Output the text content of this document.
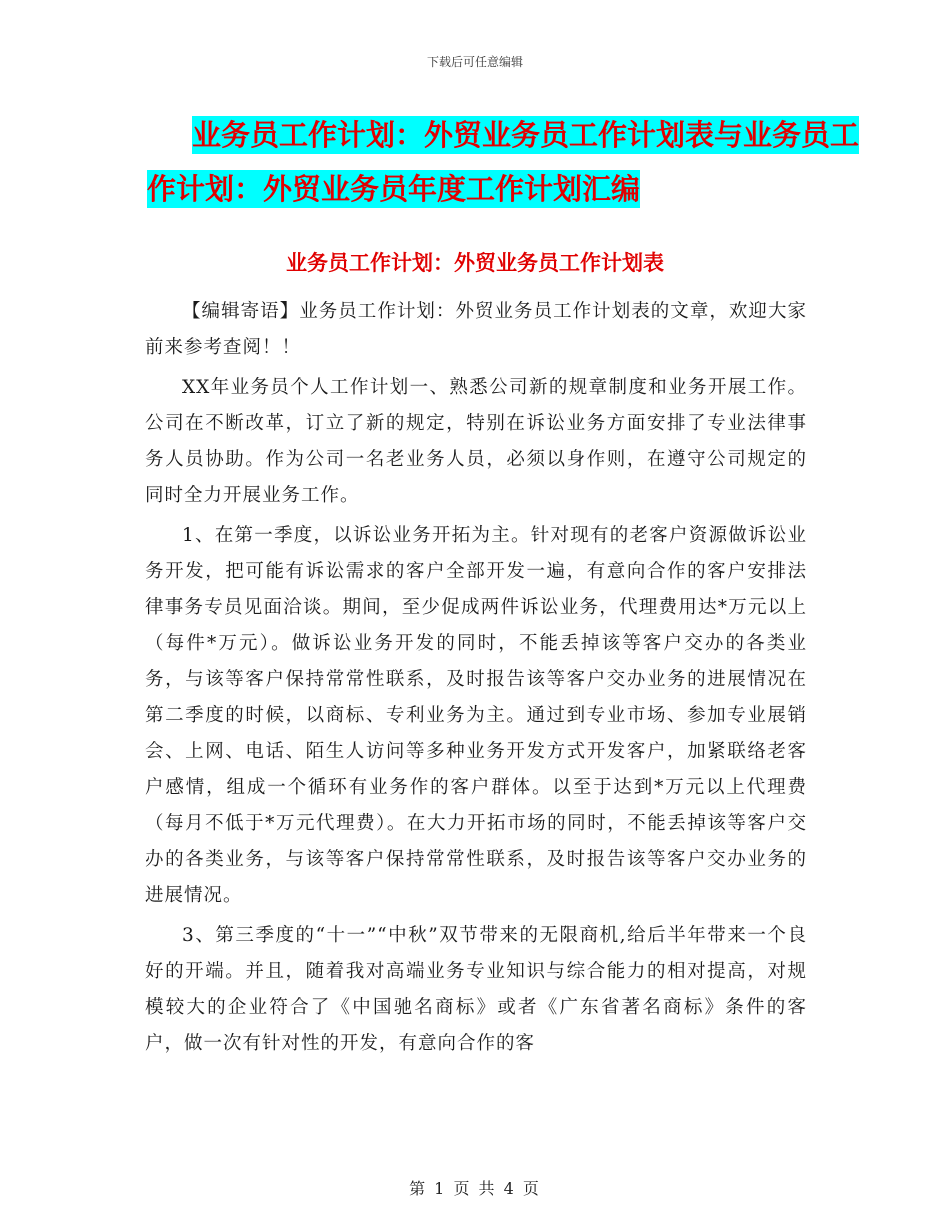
下载后可任意编辑
业务员工作计划：外贸业务员工作计划表与业务员工
作计划：外贸业务员年度工作计划汇编
业务员工作计划：外贸业务员工作计划表

【编辑寄语】业务员工作计划：外贸业务员工作计划表的文章，欢迎大家前来参考查阅！！

XX年业务员个人工作计划一、熟悉公司新的规章制度和业务开展工作。公司在不断改革，订立了新的规定，特别在诉讼业务方面安排了专业法律事务人员协助。作为公司一名老业务人员，必须以身作则，在遵守公司规定的同时全力开展业务工作。

1、在第一季度，以诉讼业务开拓为主。针对现有的老客户资源做诉讼业务开发，把可能有诉讼需求的客户全部开发一遍，有意向合作的客户安排法律事务专员见面洽谈。期间，至少促成两件诉讼业务，代理费用达*万元以上（每件*万元）。做诉讼业务开发的同时，不能丢掉该等客户交办的各类业务，与该等客户保持常常性联系，及时报告该等客户交办业务的进展情况在第二季度的时候，以商标、专利业务为主。通过到专业市场、参加专业展销会、上网、电话、陌生人访问等多种业务开发方式开发客户，加紧联络老客户感情，组成一个循环有业务作的客户群体。以至于达到*万元以上代理费（每月不低于*万元代理费）。在大力开拓市场的同时，不能丢掉该等客户交办的各类业务，与该等客户保持常常性联系，及时报告该等客户交办业务的进展情况。

3、第三季度的“十一”“中秋”双节带来的无限商机,给后半年带来一个良好的开端。并且，随着我对高端业务专业知识与综合能力的相对提高，对规模较大的企业符合了《中国驰名商标》或者《广东省著名商标》条件的客户，做一次有针对性的开发，有意向合作的客

第 1 页 共 4 页
